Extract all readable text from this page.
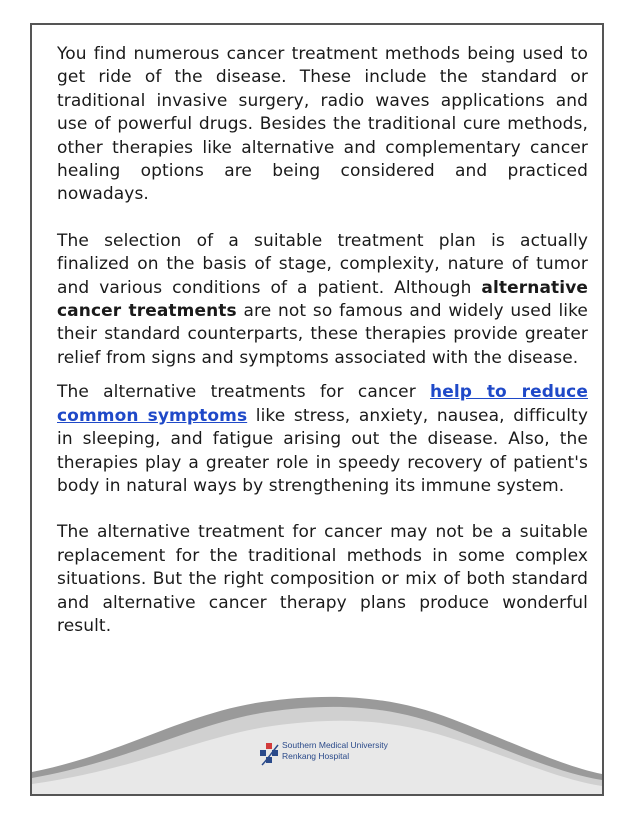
You find numerous cancer treatment methods being used to get ride of the disease. These include the standard or traditional invasive surgery, radio waves applications and use of powerful drugs. Besides the traditional cure methods, other therapies like alternative and complementary cancer healing options are being considered and practiced nowadays.

The selection of a suitable treatment plan is actually finalized on the basis of stage, complexity, nature of tumor and various conditions of a patient. Although alternative cancer treatments are not so famous and widely used like their standard counterparts, these therapies provide greater relief from signs and symptoms associated with the disease.

The alternative treatments for cancer help to reduce common symptoms like stress, anxiety, nausea, difficulty in sleeping, and fatigue arising out the disease. Also, the therapies play a greater role in speedy recovery of patient's body in natural ways by strengthening its immune system.

The alternative treatment for cancer may not be a suitable replacement for the traditional methods in some complex situations. But the right composition or mix of both standard and alternative cancer therapy plans produce wonderful result.

Southern Medical University
Renkang Hospital
